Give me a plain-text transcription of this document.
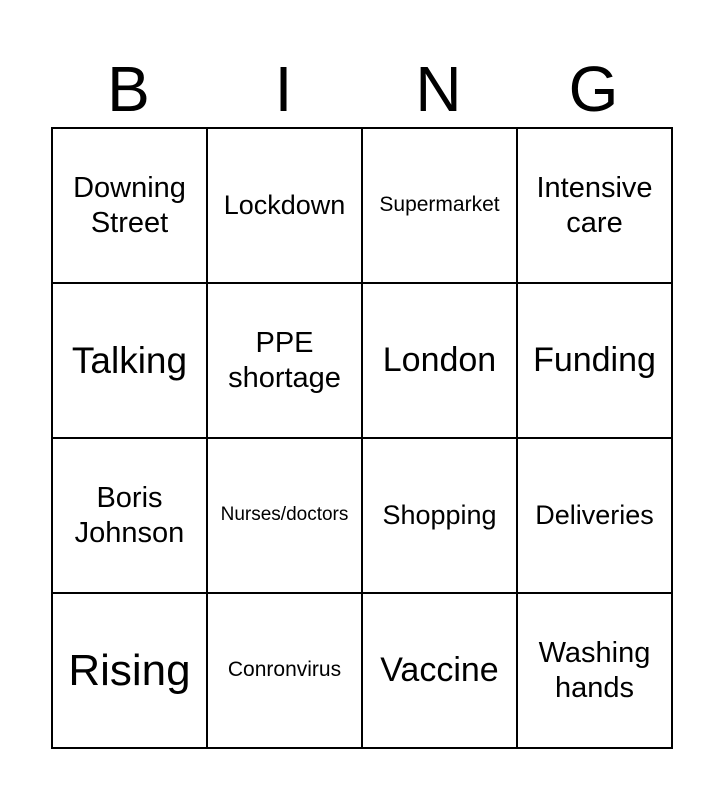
B	I	N	G
Downing Street	Lockdown	Supermarket	Intensive care
Talking	PPE shortage	London	Funding
Boris Johnson	Nurses/doctors	Shopping	Deliveries
Rising	Conronvirus	Vaccine	Washing hands
